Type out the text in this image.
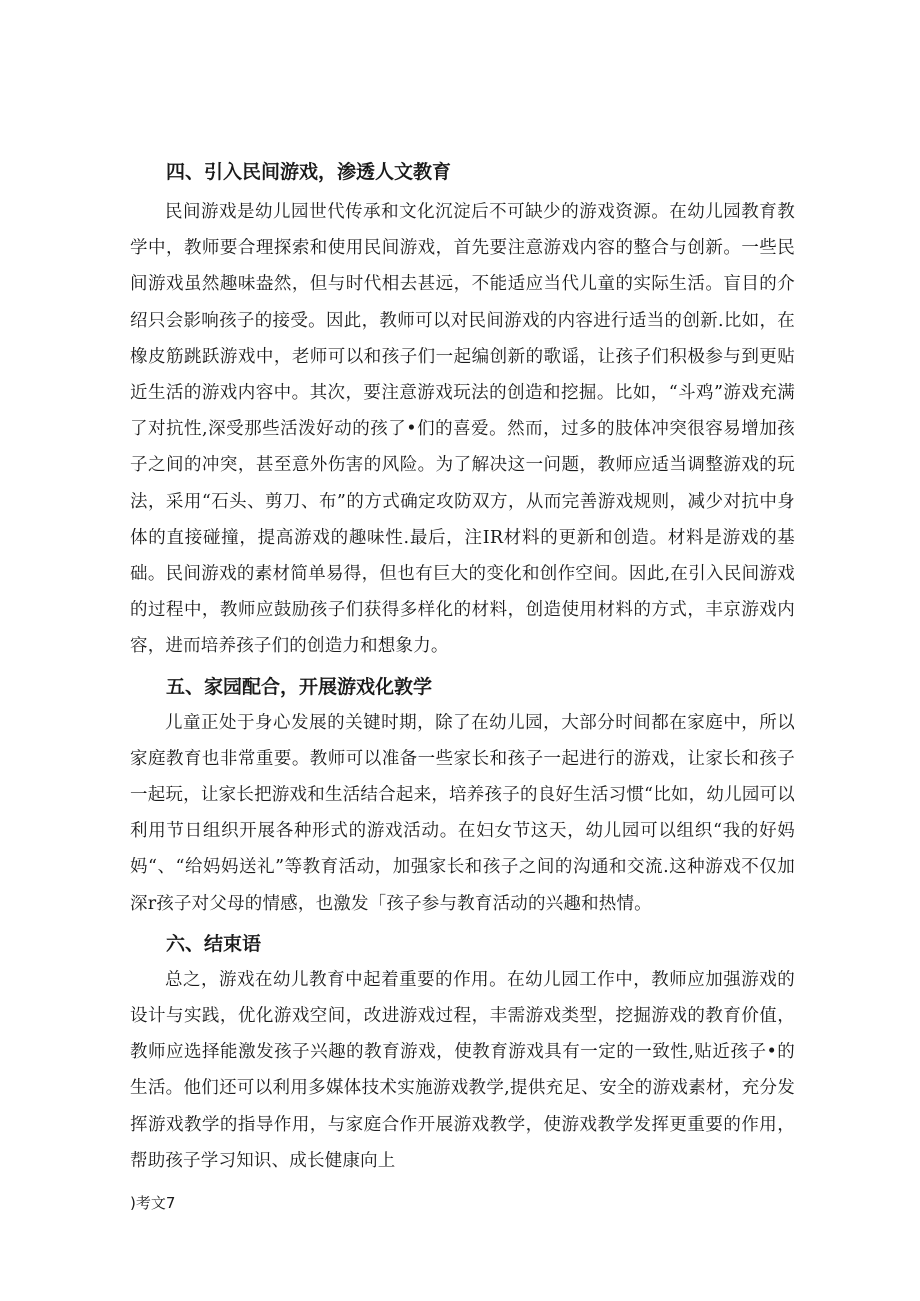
四、引入民间游戏，渗透人文教育

民间游戏是幼儿园世代传承和文化沉淀后不可缺少的游戏资源。在幼儿园教育教学中，教师要合理探索和使用民间游戏，首先要注意游戏内容的整合与创新。一些民间游戏虽然趣味盎然，但与时代相去甚远，不能适应当代儿童的实际生活。盲目的介绍只会影响孩子的接受。因此，教师可以对民间游戏的内容进行适当的创新.比如，在橡皮筋跳跃游戏中，老师可以和孩子们一起编创新的歌谣，让孩子们积极参与到更贴近生活的游戏内容中。其次，要注意游戏玩法的创造和挖掘。比如，“斗鸡”游戏充满了对抗性,深受那些活泼好动的孩了•们的喜爱。然而，过多的肢体冲突很容易增加孩子之间的冲突，甚至意外伤害的风险。为了解决这一问题，教师应适当调整游戏的玩法，采用“石头、剪刀、布”的方式确定攻防双方，从而完善游戏规则，减少对抗中身体的直接碰撞，提高游戏的趣味性.最后，注IR材料的更新和创造。材料是游戏的基础。民间游戏的素材简单易得，但也有巨大的变化和创作空间。因此,在引入民间游戏的过程中，教师应鼓励孩子们获得多样化的材料，创造使用材料的方式，丰京游戏内容，进而培养孩子们的创造力和想象力。

五、家园配合，开展游戏化敦学

儿童正处于身心发展的关键时期，除了在幼儿园，大部分时间都在家庭中，所以家庭教育也非常重要。教师可以准备一些家长和孩子一起进行的游戏，让家长和孩子一起玩，让家长把游戏和生活结合起来，培养孩子的良好生活习惯“比如，幼儿园可以利用节日组织开展各种形式的游戏活动。在妇女节这天，幼儿园可以组织“我的好妈妈“、“给妈妈送礼”等教育活动，加强家长和孩子之间的沟通和交流.这种游戏不仅加深r孩子对父母的情感，也激发「孩子参与教育活动的兴趣和热情。

六、结束语

总之，游戏在幼儿教育中起着重要的作用。在幼儿园工作中，教师应加强游戏的设计与实践，优化游戏空间，改进游戏过程，丰需游戏类型，挖掘游戏的教育价值，教师应选择能激发孩子兴趣的教育游戏，使教育游戏具有一定的一致性,贴近孩子•的生活。他们还可以利用多媒体技术实施游戏教学,提供充足、安全的游戏素材，充分发挥游戏教学的指导作用，与家庭合作开展游戏教学，使游戏教学发挥更重要的作用，帮助孩子学习知识、成长健康向上

)考文7
